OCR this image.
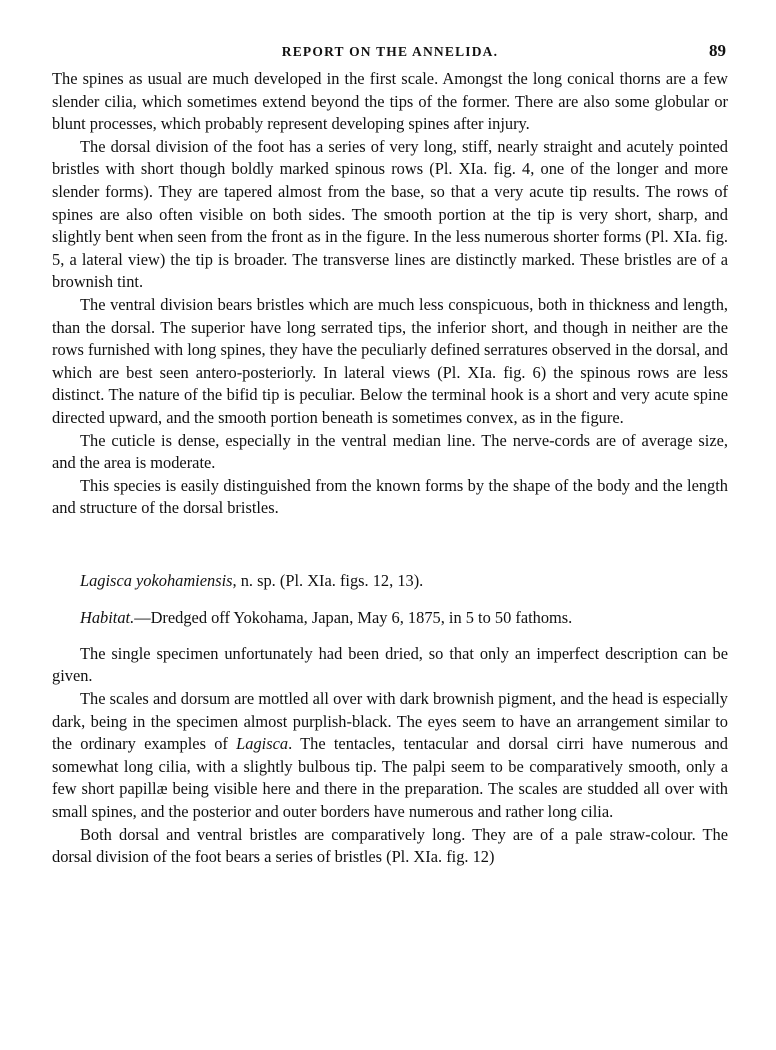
REPORT ON THE ANNELIDA.	89

The spines as usual are much developed in the first scale. Amongst the long conical thorns are a few slender cilia, which sometimes extend beyond the tips of the former. There are also some globular or blunt processes, which probably represent developing spines after injury.

The dorsal division of the foot has a series of very long, stiff, nearly straight and acutely pointed bristles with short though boldly marked spinous rows (Pl. XIa. fig. 4, one of the longer and more slender forms). They are tapered almost from the base, so that a very acute tip results. The rows of spines are also often visible on both sides. The smooth portion at the tip is very short, sharp, and slightly bent when seen from the front as in the figure. In the less numerous shorter forms (Pl. XIa. fig. 5, a lateral view) the tip is broader. The transverse lines are distinctly marked. These bristles are of a brownish tint.

The ventral division bears bristles which are much less conspicuous, both in thickness and length, than the dorsal. The superior have long serrated tips, the inferior short, and though in neither are the rows furnished with long spines, they have the peculiarly defined serratures observed in the dorsal, and which are best seen antero-posteriorly. In lateral views (Pl. XIa. fig. 6) the spinous rows are less distinct. The nature of the bifid tip is peculiar. Below the terminal hook is a short and very acute spine directed upward, and the smooth portion beneath is sometimes convex, as in the figure.

The cuticle is dense, especially in the ventral median line. The nerve-cords are of average size, and the area is moderate.

This species is easily distinguished from the known forms by the shape of the body and the length and structure of the dorsal bristles.

Lagisca yokohamiensis, n. sp. (Pl. XIa. figs. 12, 13).
Habitat.—Dredged off Yokohama, Japan, May 6, 1875, in 5 to 50 fathoms.

The single specimen unfortunately had been dried, so that only an imperfect description can be given.

The scales and dorsum are mottled all over with dark brownish pigment, and the head is especially dark, being in the specimen almost purplish-black. The eyes seem to have an arrangement similar to the ordinary examples of Lagisca. The tentacles, tentacular and dorsal cirri have numerous and somewhat long cilia, with a slightly bulbous tip. The palpi seem to be comparatively smooth, only a few short papillæ being visible here and there in the preparation. The scales are studded all over with small spines, and the posterior and outer borders have numerous and rather long cilia.

Both dorsal and ventral bristles are comparatively long. They are of a pale straw-colour. The dorsal division of the foot bears a series of bristles (Pl. XIa. fig. 12)
